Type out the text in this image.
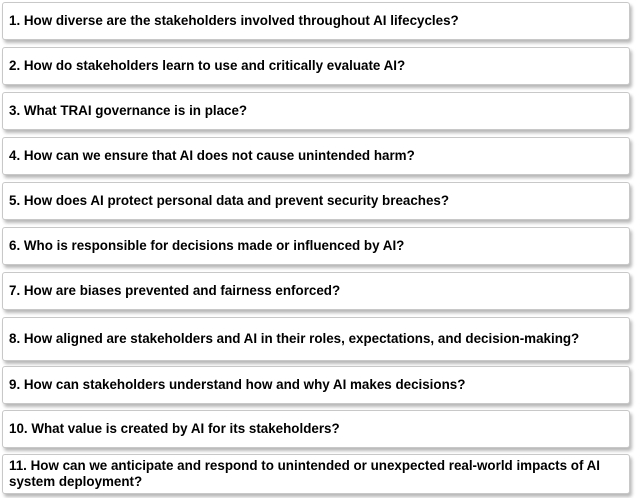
1. How diverse are the stakeholders involved throughout AI lifecycles?
2. How do stakeholders learn to use and critically evaluate AI?
3. What TRAI governance is in place?
4. How can we ensure that AI does not cause unintended harm?
5. How does AI protect personal data and prevent security breaches?
6. Who is responsible for decisions made or influenced by AI?
7. How are biases prevented and fairness enforced?
8. How aligned are stakeholders and AI in their roles, expectations, and decision-making?
9. How can stakeholders understand how and why AI makes decisions?
10. What value is created by AI for its stakeholders?
11. How can we anticipate and respond to unintended or unexpected real-world impacts of AI system deployment?
